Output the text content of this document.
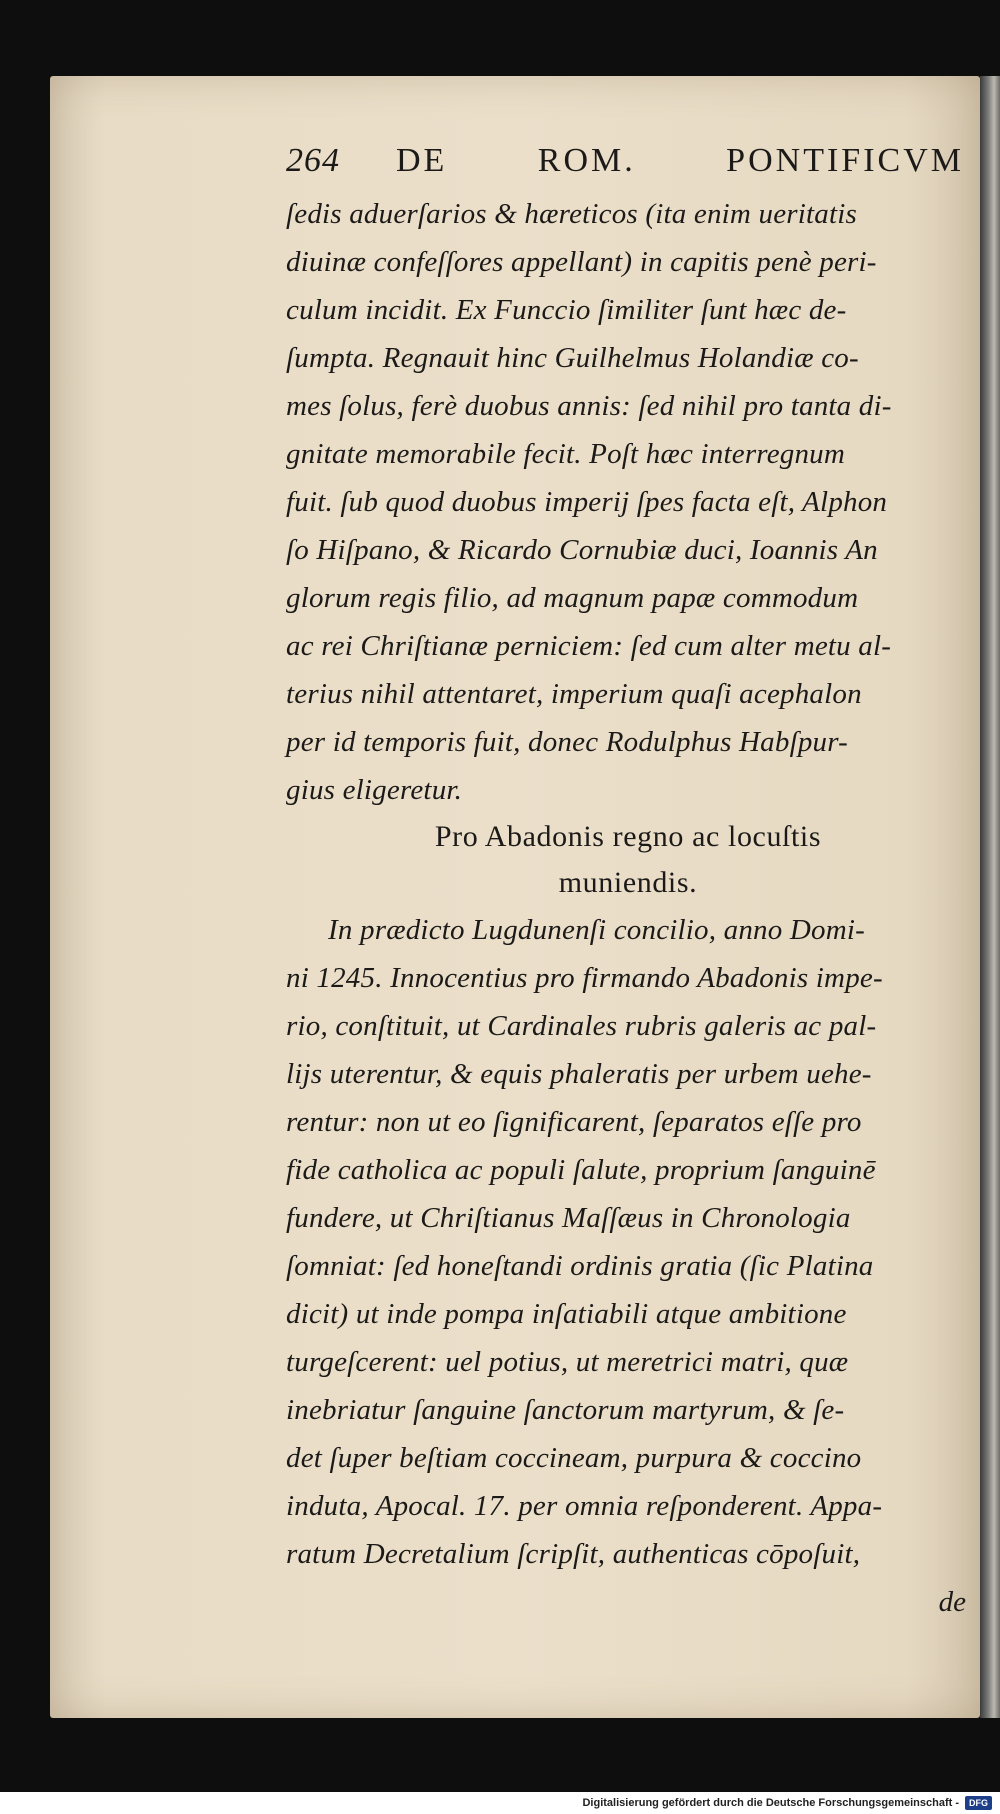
264	DE	ROM.	PONTIFICVM
ſedis aduerſarios & hæreticos (ita enim ueritatis
diuinæ confeſſores appellant) in capitis penè peri-
culum incidit. Ex Funccio ſimiliter ſunt hæc de-
ſumpta. Regnauit hinc Guilhelmus Holandiæ co-
mes ſolus, ferè duobus annis: ſed nihil pro tanta di-
gnitate memorabile fecit. Poſt hæc interregnum
fuit. ſub quod duobus imperij ſpes facta eſt, Alphon
ſo Hiſpano, & Ricardo Cornubiæ duci, Ioannis An
glorum regis filio, ad magnum papæ commodum
ac rei Chriſtianæ perniciem: ſed cum alter metu al-
terius nihil attentaret, imperium quaſi acephalon
per id temporis fuit, donec Rodulphus Habſpur-
gius eligeretur.
Pro Abadonis regno ac locuſtis
muniendis.
In prædicto Lugdunenſi concilio, anno Domi-
ni 1245. Innocentius pro firmando Abadonis impe-
rio, conſtituit, ut Cardinales rubris galeris ac pal-
lijs uterentur, & equis phaleratis per urbem uehe-
rentur: non ut eo ſignificarent, ſeparatos eſſe pro
fide catholica ac populi ſalute, proprium ſanguinē
fundere, ut Chriſtianus Maſſæus in Chronologia
ſomniat: ſed honeſtandi ordinis gratia (ſic Platina
dicit) ut inde pompa inſatiabili atque ambitione
turgeſcerent: uel potius, ut meretrici matri, quæ
inebriatur ſanguine ſanctorum martyrum, & ſe-
det ſuper beſtiam coccineam, purpura & coccino
induta, Apocal. 17. per omnia reſponderent. Appa-
ratum Decretalium ſcripſit, authenticas cōpoſuit,
de
Digitalisierung gefördert durch die Deutsche Forschungsgemeinschaft -	DFG
